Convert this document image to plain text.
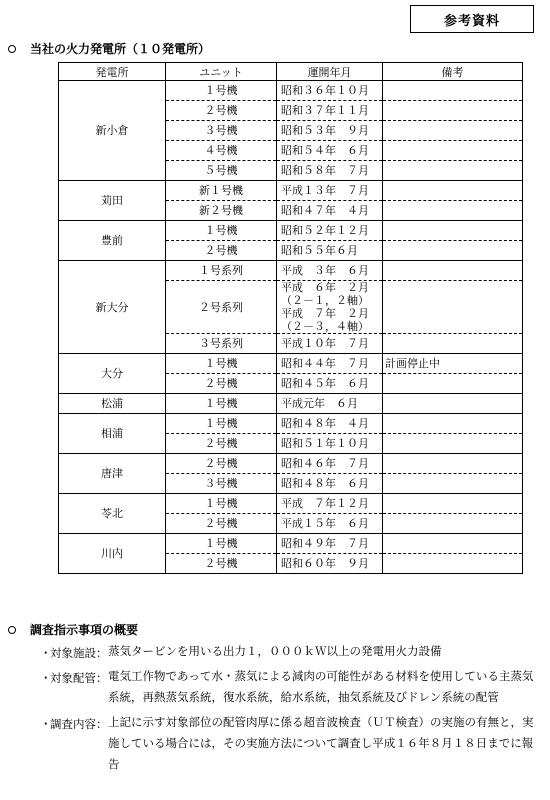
参考資料
当社の火力発電所（１０発電所）
発電所	ユニット	運開年月	備考
新小倉	１号機	昭和３６年１０月	
	２号機	昭和３７年１１月	
	３号機	昭和５３年　９月	
	４号機	昭和５４年　６月	
	５号機	昭和５８年　７月	
苅田	新１号機	平成１３年　７月	
	新２号機	昭和４７年　４月	
豊前	１号機	昭和５２年１２月	
	２号機	昭和５５年６月	
新大分	１号系列	平成　３年　６月	
	２号系列	平成　６年　２月
（２－１，２軸）
平成　７年　２月
（２－３，４軸）	
	３号系列	平成１０年　７月	
大分	１号機	昭和４４年　７月	計画停止中
	２号機	昭和４５年　６月	
松浦	１号機	平成元年　６月	
相浦	１号機	昭和４８年　４月	
	２号機	昭和５１年１０月	
唐津	２号機	昭和４６年　７月	
	３号機	昭和４８年　６月	
苓北	１号機	平成　７年１２月	
	２号機	平成１５年　６月	
川内	１号機	昭和４９年　７月	
	２号機	昭和６０年　９月	
調査指示事項の概要
・
対象施設： 蒸気タービンを用いる出力１，０００ｋＷ以上の発電用火力設備
・
対象配管： 電気工作物であって水・蒸気による減肉の可能性がある材料を使用している主蒸気系統，再熱蒸気系統，復水系統，給水系統，抽気系統及びドレン系統の配管
・
調査内容： 上記に示す対象部位の配管肉厚に係る超音波検査（ＵＴ検査）の実施の有無と，実施している場合には，その実施方法について調査し平成１６年８月１８日までに報告
